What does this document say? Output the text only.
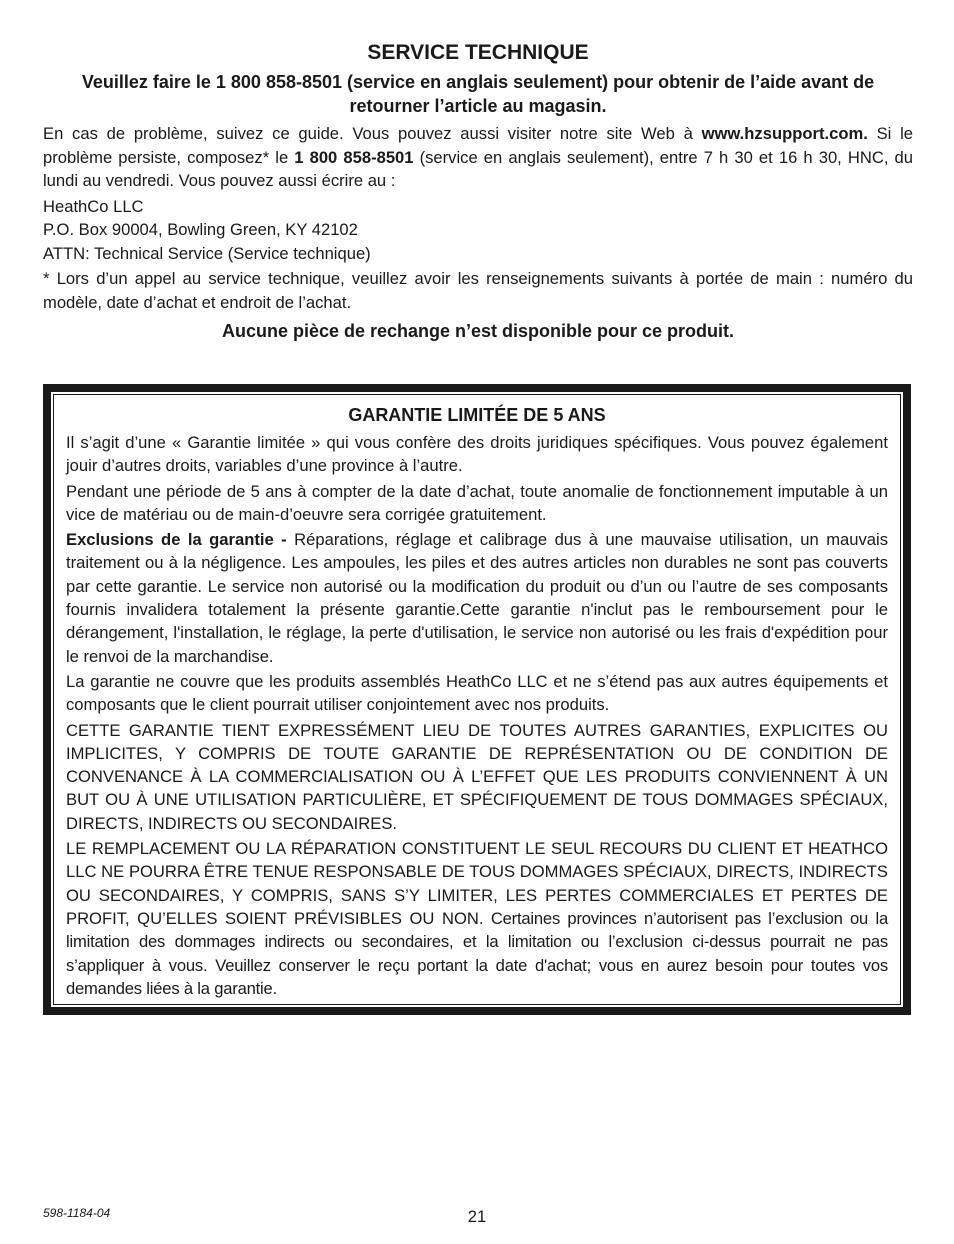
SERVICE TECHNIQUE
Veuillez faire le 1 800 858-8501 (service en anglais seulement) pour obtenir de l’aide avant de retourner l’article au magasin.

En cas de problème, suivez ce guide. Vous pouvez aussi visiter notre site Web à www.hzsupport.com. Si le problème persiste, composez* le 1 800 858-8501 (service en anglais seulement), entre 7 h 30 et 16 h 30, HNC, du lundi au vendredi. Vous pouvez aussi écrire au :

HeathCo LLC
P.O. Box 90004, Bowling Green, KY 42102
ATTN: Technical Service (Service technique)

* Lors d’un appel au service technique, veuillez avoir les renseignements suivants à portée de main : numéro du modèle, date d’achat et endroit de l’achat.

Aucune pièce de rechange n’est disponible pour ce produit.
GARANTIE LIMITÉE DE 5 ANS

Il s’agit d’une « Garantie limitée » qui vous confère des droits juridiques spécifiques. Vous pouvez également jouir d’autres droits, variables d’une province à l’autre.

Pendant une période de 5 ans à compter de la date d’achat, toute anomalie de fonctionnement imputable à un vice de matériau ou de main-d’oeuvre sera corrigée gratuitement.

Exclusions de la garantie - Réparations, réglage et calibrage dus à une mauvaise utilisation, un mauvais traitement ou à la négligence. Les ampoules, les piles et des autres articles non durables ne sont pas couverts par cette garantie. Le service non autorisé ou la modification du produit ou d’un ou l’autre de ses composants fournis invalidera totalement la présente garantie.Cette garantie n'inclut pas le remboursement pour le dérangement, l'installation, le réglage, la perte d'utilisation, le service non autorisé ou les frais d'expédition pour le renvoi de la marchandise.

La garantie ne couvre que les produits assemblés HeathCo LLC et ne s’étend pas aux autres équipements et composants que le client pourrait utiliser conjointement avec nos produits.

CETTE GARANTIE TIENT EXPRESSÉMENT LIEU DE TOUTES AUTRES GARANTIES, EXPLICITES OU IMPLICITES, Y COMPRIS DE TOUTE GARANTIE DE REPRÉSENTATION OU DE CONDITION DE CONVENANCE À LA COMMERCIALISATION OU À L’EFFET QUE LES PRODUITS CONVIENNENT À UN BUT OU À UNE UTILISATION PARTICULIÈRE, ET SPÉCIFIQUEMENT DE TOUS DOMMAGES SPÉCIAUX, DIRECTS, INDIRECTS OU SECONDAIRES.

LE REMPLACEMENT OU LA RÉPARATION CONSTITUENT LE SEUL RECOURS DU CLIENT ET HEATHCO LLC NE POURRA ÊTRE TENUE RESPONSABLE DE TOUS DOMMAGES SPÉCIAUX, DIRECTS, INDIRECTS OU SECONDAIRES, Y COMPRIS, SANS S’Y LIMITER, LES PERTES COMMERCIALES ET PERTES DE PROFIT, QU’ELLES SOIENT PRÉVISIBLES OU NON. Certaines provinces n’autorisent pas l’exclusion ou la limitation des dommages indirects ou secondaires, et la limitation ou l’exclusion ci-dessus pourrait ne pas s’appliquer à vous. Veuillez conserver le reçu portant la date d'achat; vous en aurez besoin pour toutes vos demandes liées à la garantie.

598-1184-04	21
